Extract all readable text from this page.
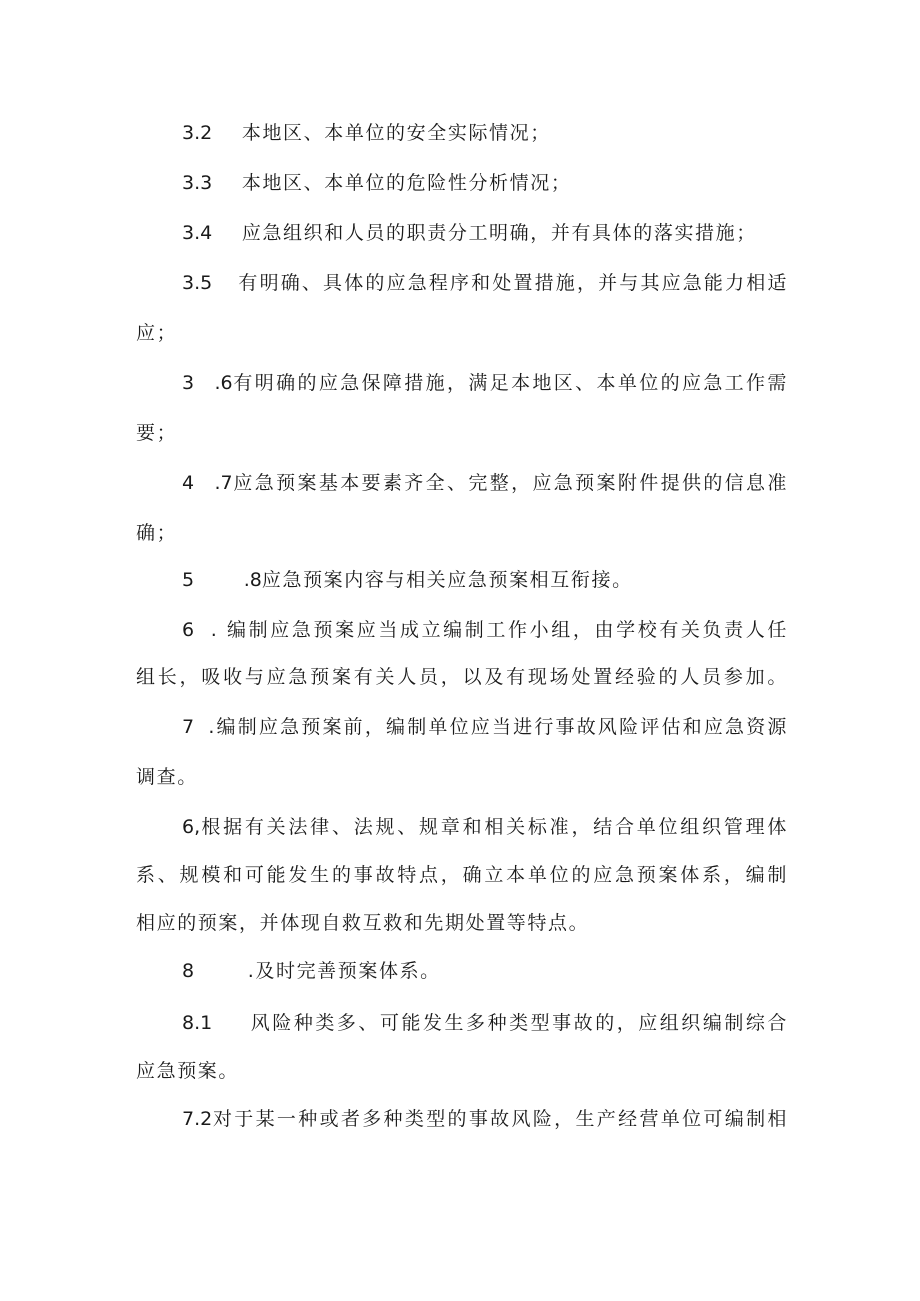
3.2 本地区、本单位的安全实际情况；
3.3 本地区、本单位的危险性分析情况；
3.4 应急组织和人员的职责分工明确，并有具体的落实措施；
3.5 有明确、具体的应急程序和处置措施，并与其应急能力相适
应；
3 .6有明确的应急保障措施，满足本地区、本单位的应急工作需
要；
4 .7应急预案基本要素齐全、完整，应急预案附件提供的信息准
确；
5	.8应急预案内容与相关应急预案相互衔接。
6 . 编制应急预案应当成立编制工作小组，由学校有关负责人任
组长，吸收与应急预案有关人员，以及有现场处置经验的人员参加。
7 .编制应急预案前，编制单位应当进行事故风险评估和应急资源
调查。
6,根据有关法律、法规、规章和相关标准，结合单位组织管理体
系、规模和可能发生的事故特点，确立本单位的应急预案体系，编制
相应的预案，并体现自救互救和先期处置等特点。
8	.及时完善预案体系。
8.1 风险种类多、可能发生多种类型事故的，应组织编制综合
应急预案。
7.2对于某一种或者多种类型的事故风险，生产经营单位可编制相
